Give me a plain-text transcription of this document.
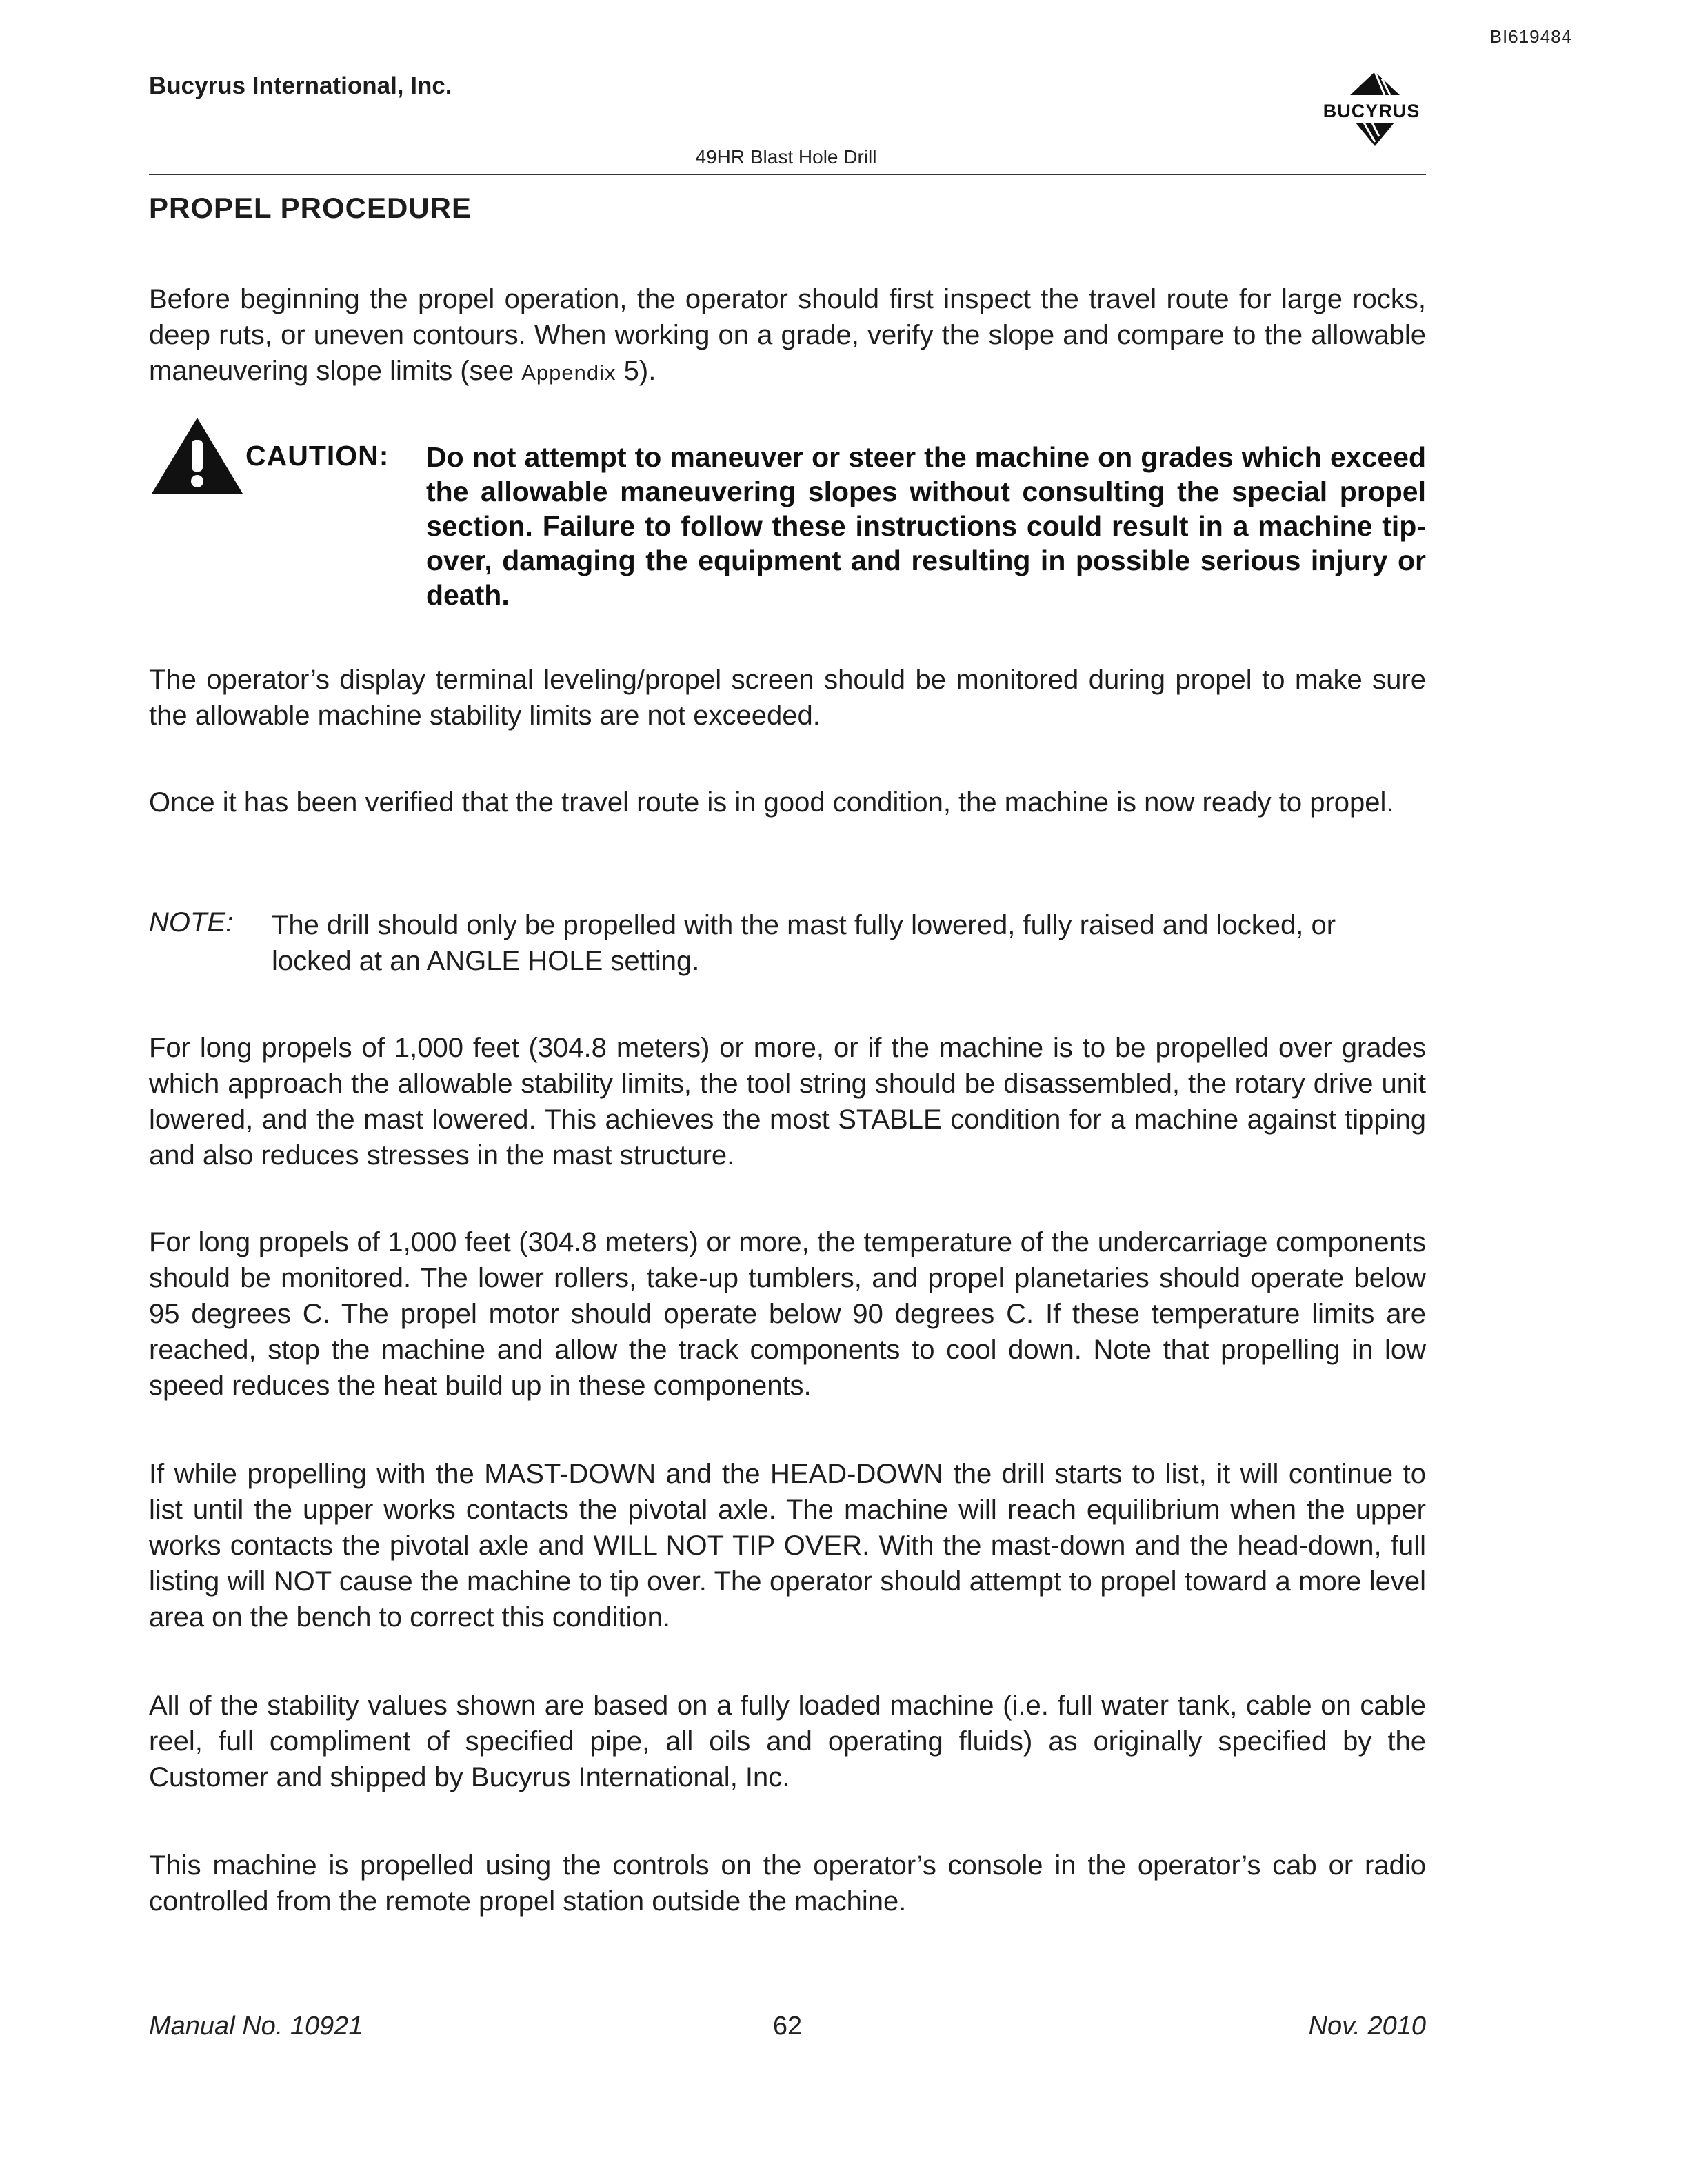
BI619484
Bucyrus International, Inc.
BUCYRUS
49HR Blast Hole Drill
PROPEL PROCEDURE

Before beginning the propel operation, the operator should first inspect the travel route for large rocks, deep ruts, or uneven contours. When working on a grade, verify the slope and compare to the allowable maneuvering slope limits (see Appendix 5).

CAUTION: Do not attempt to maneuver or steer the machine on grades which exceed the allowable maneuvering slopes without consulting the special propel section. Failure to follow these instructions could result in a machine tip-over, damaging the equipment and resulting in possible serious injury or death.

The operator’s display terminal leveling/propel screen should be monitored during propel to make sure the allowable machine stability limits are not exceeded.

Once it has been verified that the travel route is in good condition, the machine is now ready to propel.

NOTE: The drill should only be propelled with the mast fully lowered, fully raised and locked, or locked at an ANGLE HOLE setting.

For long propels of 1,000 feet (304.8 meters) or more, or if the machine is to be propelled over grades which approach the allowable stability limits, the tool string should be disassembled, the rotary drive unit lowered, and the mast lowered. This achieves the most STABLE condition for a machine against tipping and also reduces stresses in the mast structure.

For long propels of 1,000 feet (304.8 meters) or more, the temperature of the undercarriage components should be monitored. The lower rollers, take-up tumblers, and propel planetaries should operate below 95 degrees C. The propel motor should operate below 90 degrees C. If these temperature limits are reached, stop the machine and allow the track components to cool down. Note that propelling in low speed reduces the heat build up in these components.

If while propelling with the MAST-DOWN and the HEAD-DOWN the drill starts to list, it will continue to list until the upper works contacts the pivotal axle. The machine will reach equilibrium when the upper works contacts the pivotal axle and WILL NOT TIP OVER. With the mast-down and the head-down, full listing will NOT cause the machine to tip over. The operator should attempt to propel toward a more level area on the bench to correct this condition.

All of the stability values shown are based on a fully loaded machine (i.e. full water tank, cable on cable reel, full compliment of specified pipe, all oils and operating fluids) as originally specified by the Customer and shipped by Bucyrus International, Inc.

This machine is propelled using the controls on the operator’s console in the operator’s cab or radio controlled from the remote propel station outside the machine.

Manual No. 10921	62	Nov. 2010
